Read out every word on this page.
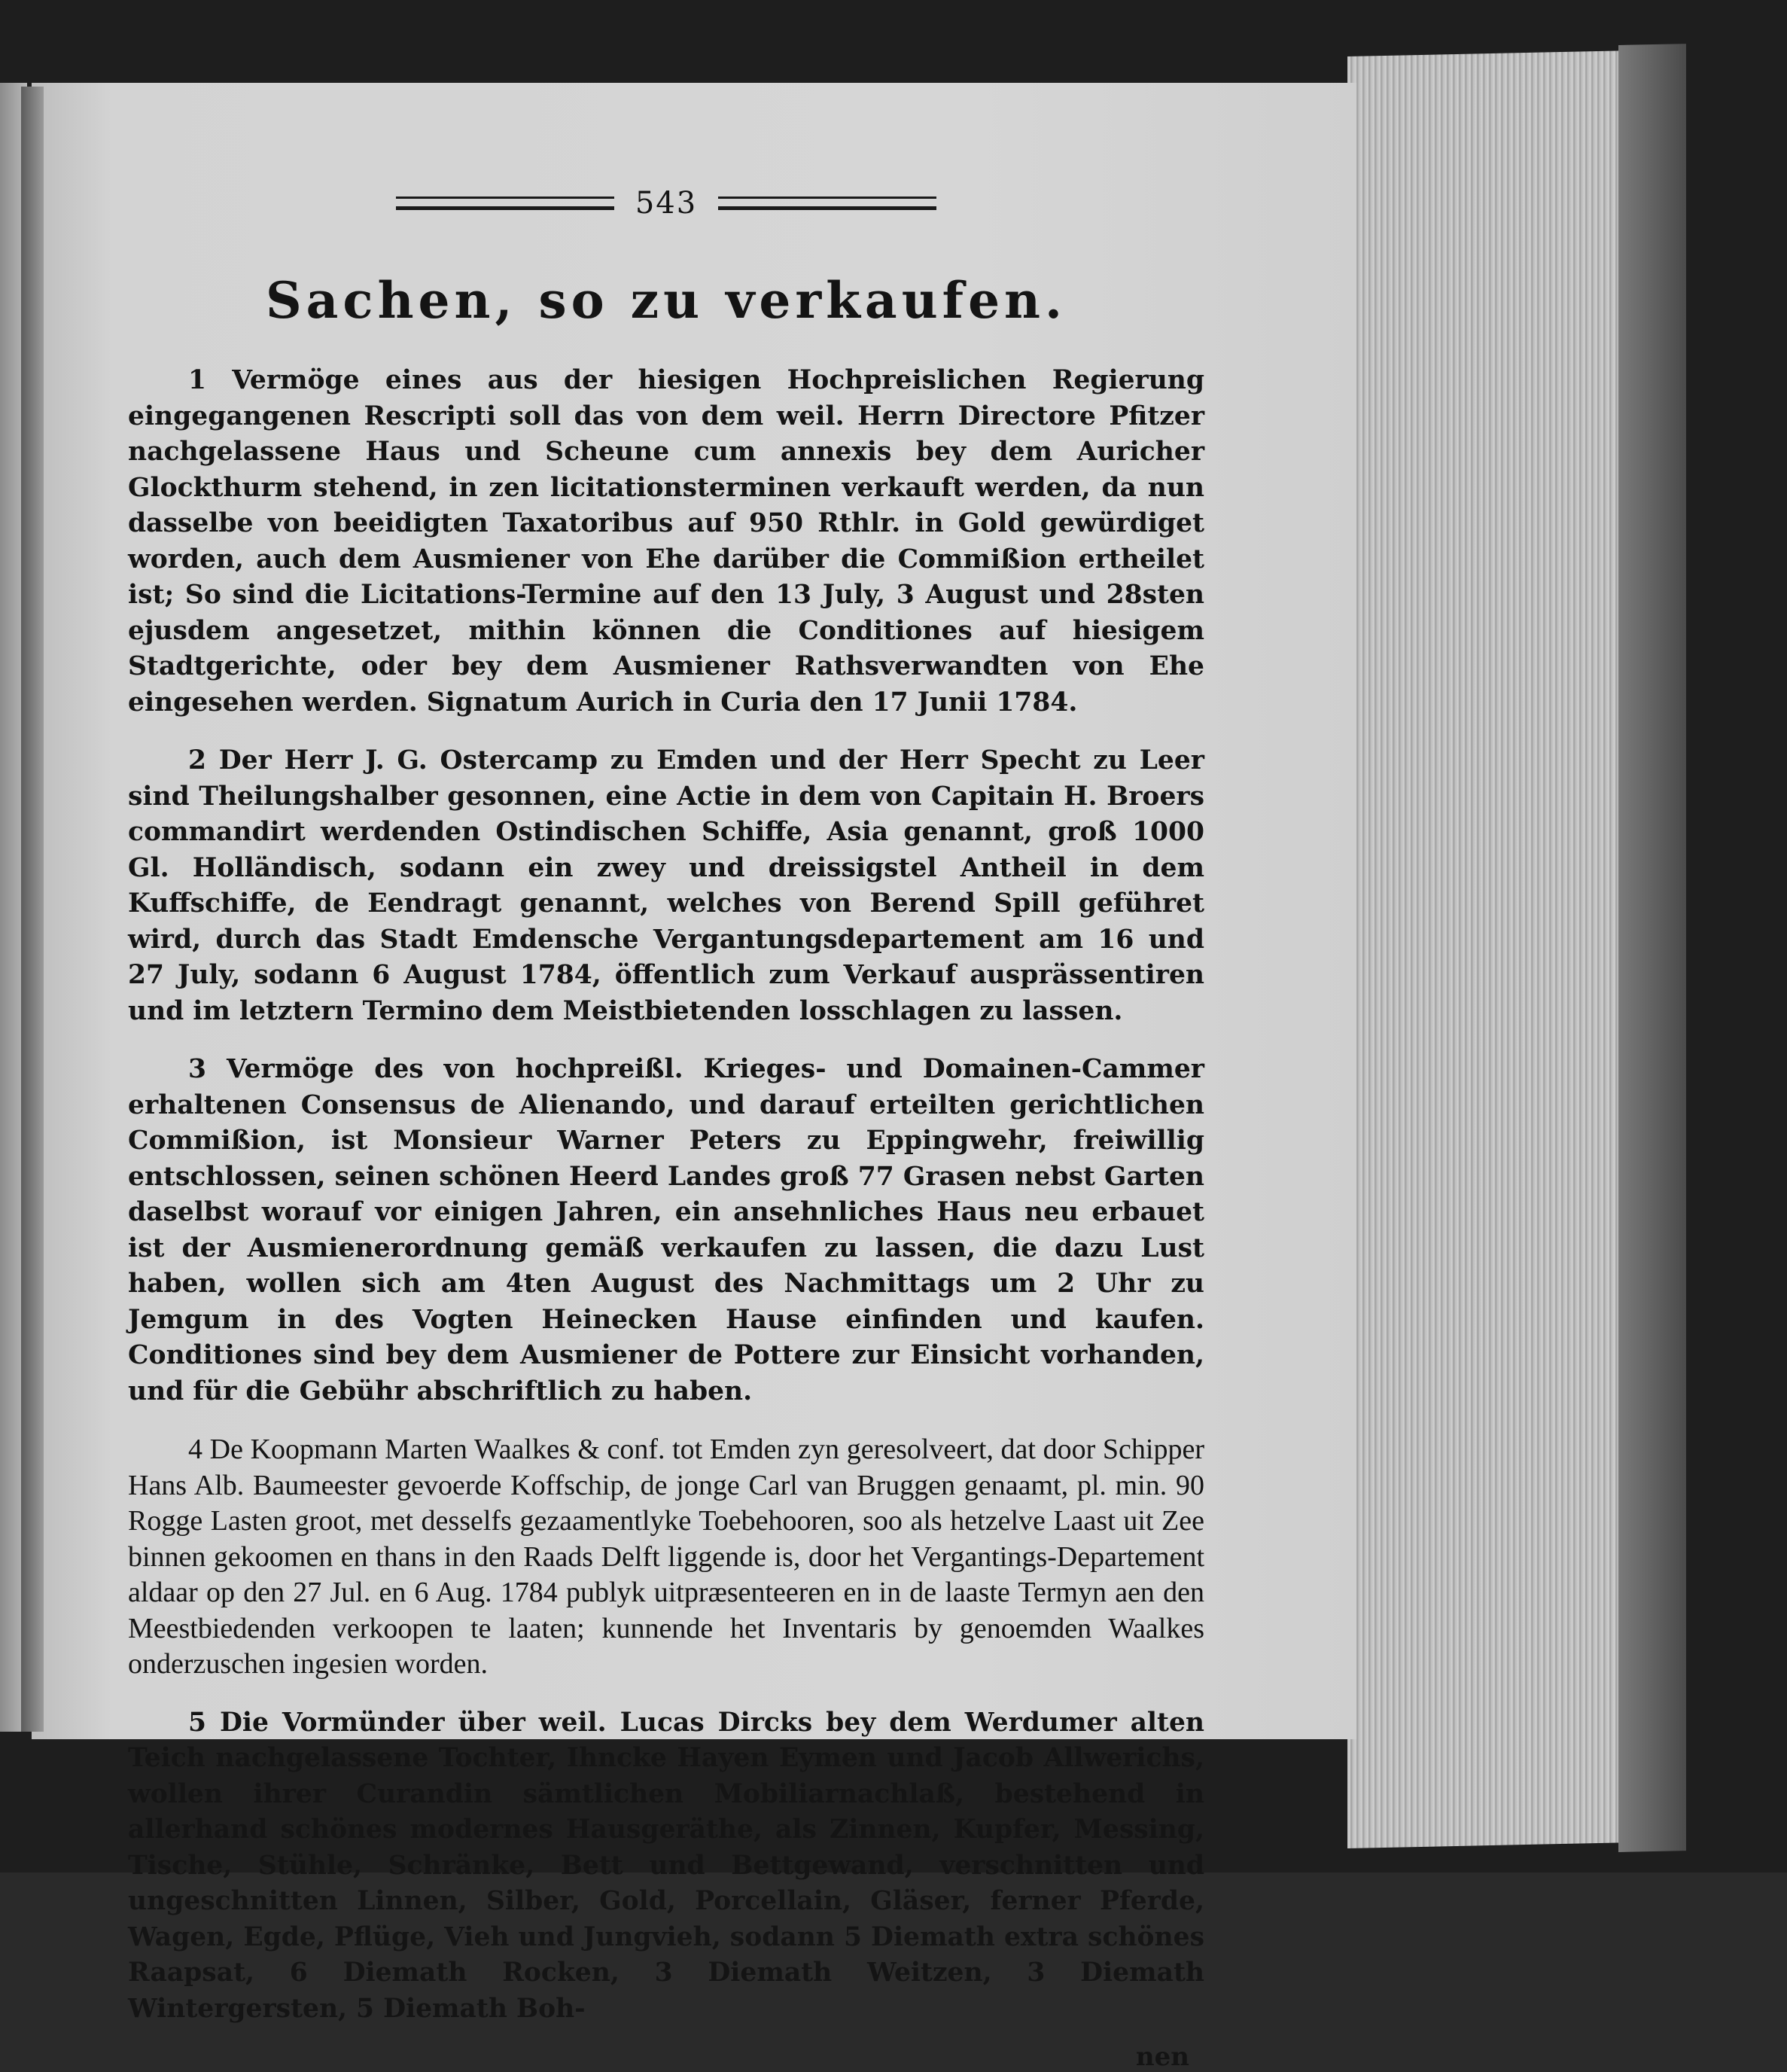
543
Sachen, so zu verkaufen.

1 Vermöge eines aus der hiesigen Hochpreislichen Regierung eingegangenen Rescripti soll das von dem weil. Herrn Directore Pfitzer nachgelassene Haus und Scheune cum annexis bey dem Auricher Glockthurm stehend, in zen licitationsterminen verkauft werden, da nun dasselbe von beeidigten Taxatoribus auf 950 Rthlr. in Gold gewürdiget worden, auch dem Ausmiener von Ehe darüber die Commißion ertheilet ist; So sind die Licitations-Termine auf den 13 July, 3 August und 28sten ejusdem angesetzet, mithin können die Conditiones auf hiesigem Stadtgerichte, oder bey dem Ausmiener Rathsverwandten von Ehe eingesehen werden. Signatum Aurich in Curia den 17 Junii 1784.

2 Der Herr J. G. Ostercamp zu Emden und der Herr Specht zu Leer sind Theilungshalber gesonnen, eine Actie in dem von Capitain H. Broers commandirt werdenden Ostindischen Schiffe, Asia genannt, groß 1000 Gl. Holländisch, sodann ein zwey und dreissigstel Antheil in dem Kuffschiffe, de Eendragt genannt, welches von Berend Spill geführet wird, durch das Stadt Emdensche Vergantungsdepartement am 16 und 27 July, sodann 6 August 1784, öffentlich zum Verkauf ausprässentiren und im letztern Termino dem Meistbietenden losschlagen zu lassen.

3 Vermöge des von hochpreißl. Krieges- und Domainen-Cammer erhaltenen Consensus de Alienando, und darauf erteilten gerichtlichen Commißion, ist Monsieur Warner Peters zu Eppingwehr, freiwillig entschlossen, seinen schönen Heerd Landes groß 77 Grasen nebst Garten daselbst worauf vor einigen Jahren, ein ansehnliches Haus neu erbauet ist der Ausmienerordnung gemäß verkaufen zu lassen, die dazu Lust haben, wollen sich am 4ten August des Nachmittags um 2 Uhr zu Jemgum in des Vogten Heinecken Hause einfinden und kaufen. Conditiones sind bey dem Ausmiener de Pottere zur Einsicht vorhanden, und für die Gebühr abschriftlich zu haben.

4 De Koopmann Marten Waalkes & conf. tot Emden zyn geresolveert, dat door Schipper Hans Alb. Baumeester gevoerde Koffschip, de jonge Carl van Bruggen genaamt, pl. min. 90 Rogge Lasten groot, met desselfs gezaamentlyke Toebehooren, soo als hetzelve Laast uit Zee binnen gekoomen en thans in den Raads Delft liggende is, door het Vergantings-Departement aldaar op den 27 Jul. en 6 Aug. 1784 publyk uitpræsenteeren en in de laaste Termyn aen den Meestbiedenden verkoopen te laaten; kunnende het Inventaris by genoemden Waalkes onderzuschen ingesien worden.

5 Die Vormünder über weil. Lucas Dircks bey dem Werdumer alten Teich nachgelassene Tochter, Ihncke Hayen Eymen und Jacob Allwerichs, wollen ihrer Curandin sämtlichen Mobiliarnachlaß, bestehend in allerhand schönes modernes Hausgeräthe, als Zinnen, Kupfer, Messing, Tische, Stühle, Schränke, Bett und Bettgewand, verschnitten und ungeschnitten Linnen, Silber, Gold, Porcellain, Gläser, ferner Pferde, Wagen, Egde, Pflüge, Vieh und Jungvieh, sodann 5 Diemath extra schönes Raapsat, 6 Diemath Rocken, 3 Diemath Weitzen, 3 Diemath Wintergersten, 5 Diemath Boh-

nen
